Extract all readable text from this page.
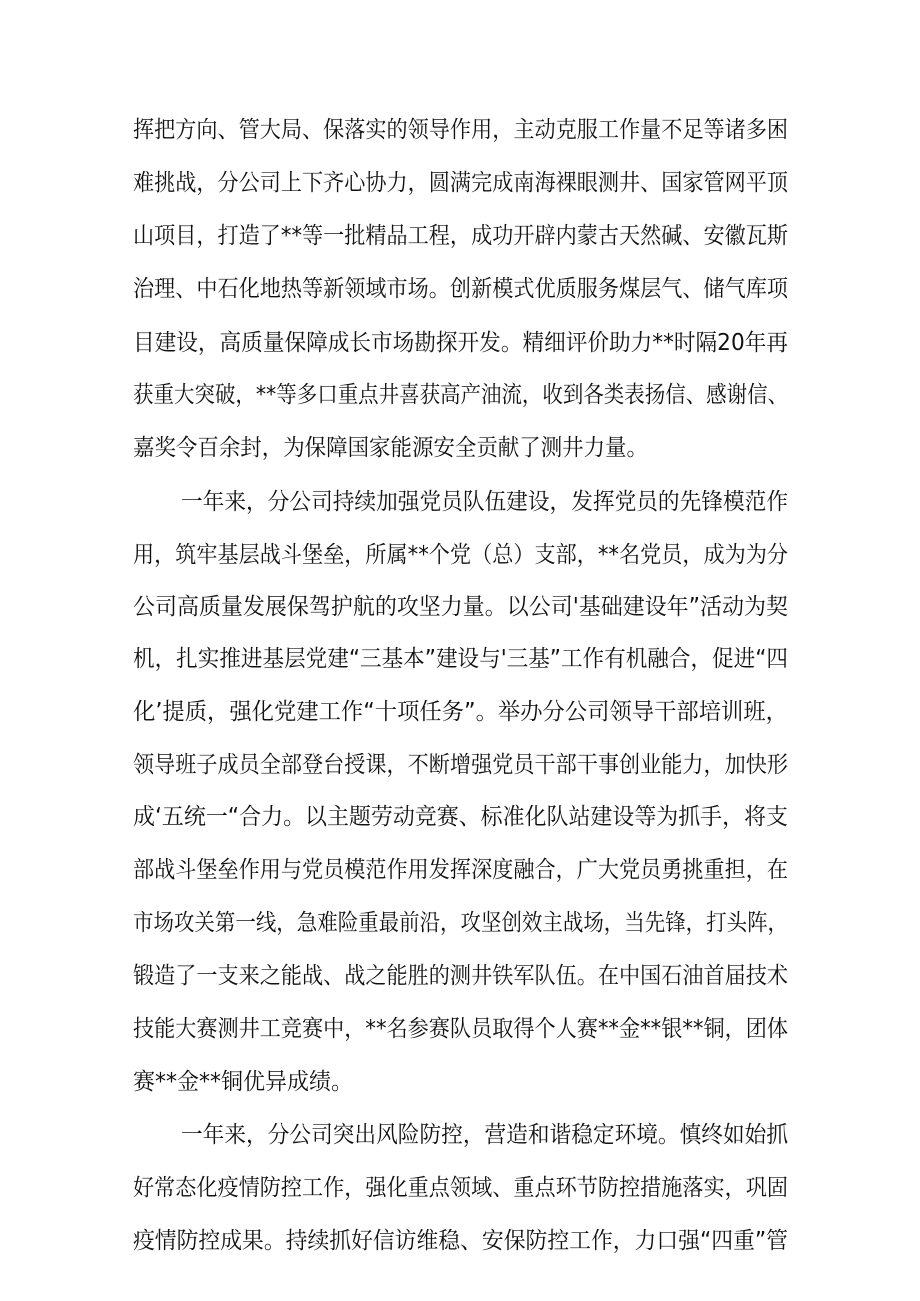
挥把方向、管大局、保落实的领导作用，主动克服工作量不足等诸多困
难挑战，分公司上下齐心协力，圆满完成南海裸眼测井、国家管网平顶
山项目，打造了**等一批精品工程，成功开辟内蒙古天然碱、安徽瓦斯
治理、中石化地热等新领域市场。创新模式优质服务煤层气、储气库项
目建设，高质量保障成长市场勘探开发。精细评价助力**时隔20年再
获重大突破，**等多口重点井喜获高产油流，收到各类表扬信、感谢信、
嘉奖令百余封，为保障国家能源安全贡献了测井力量。
一年来，分公司持续加强党员队伍建设，发挥党员的先锋模范作
用，筑牢基层战斗堡垒，所属**个党（总）支部，**名党员，成为为分
公司高质量发展保驾护航的攻坚力量。以公司'基础建设年”活动为契
机，扎实推进基层党建“三基本”建设与'三基”工作有机融合，促进“四
化’提质，强化党建工作“十项任务”。举办分公司领导干部培训班，
领导班子成员全部登台授课，不断增强党员干部干事创业能力，加快形
成‘五统一“合力。以主题劳动竞赛、标准化队站建设等为抓手，将支
部战斗堡垒作用与党员模范作用发挥深度融合，广大党员勇挑重担，在
市场攻关第一线，急难险重最前沿，攻坚创效主战场，当先锋，打头阵，
锻造了一支来之能战、战之能胜的测井铁军队伍。在中国石油首届技术
技能大赛测井工竞赛中，**名参赛队员取得个人赛**金**银**铜，团体
赛**金**铜优异成绩。
一年来，分公司突出风险防控，营造和谐稳定环境。慎终如始抓
好常态化疫情防控工作，强化重点领域、重点环节防控措施落实，巩固
疫情防控成果。持续抓好信访维稳、安保防控工作，力口强“四重”管
